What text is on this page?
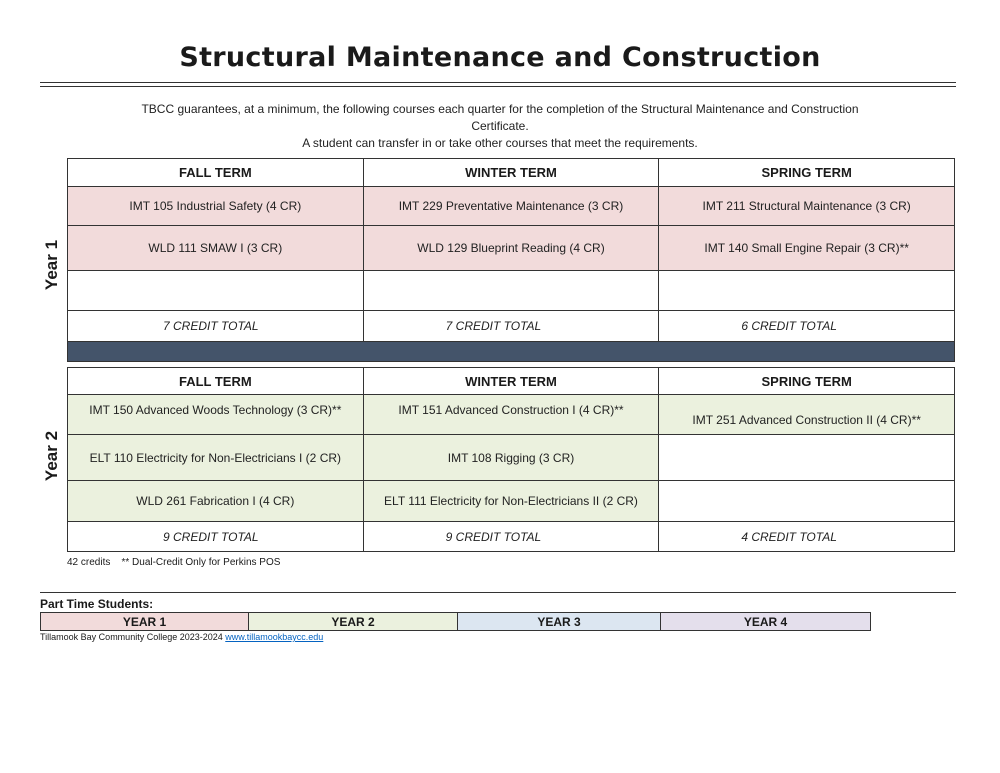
Structural Maintenance and Construction

TBCC guarantees, at a minimum, the following courses each quarter for the completion of the Structural Maintenance and Construction Certificate.

A student can transfer in or take other courses that meet the requirements.

Year 1
FALL TERM	WINTER TERM	SPRING TERM
IMT 105 Industrial Safety (4 CR)	IMT 229 Preventative Maintenance (3 CR)	IMT 211 Structural Maintenance (3 CR)
WLD 111 SMAW I (3 CR)	WLD 129 Blueprint Reading (4 CR)	IMT 140 Small Engine Repair (3 CR)**

7 CREDIT TOTAL	7 CREDIT TOTAL	6 CREDIT TOTAL
Year 2
FALL TERM	WINTER TERM	SPRING TERM
IMT 150 Advanced Woods Technology (3 CR)**	IMT 151 Advanced Construction I (4 CR)**	IMT 251 Advanced Construction II (4 CR)**
ELT 110 Electricity for Non-Electricians I (2 CR)	IMT 108 Rigging (3 CR)	
WLD 261 Fabrication I (4 CR)	ELT 111 Electricity for Non-Electricians II (2 CR)	
9 CREDIT TOTAL	9 CREDIT TOTAL	4 CREDIT TOTAL
42 credits    ** Dual-Credit Only for Perkins POS
Part Time Students:
YEAR 1	YEAR 2	YEAR 3	YEAR 4
Tillamook Bay Community College 2023-2024 www.tillamookbaycc.edu
